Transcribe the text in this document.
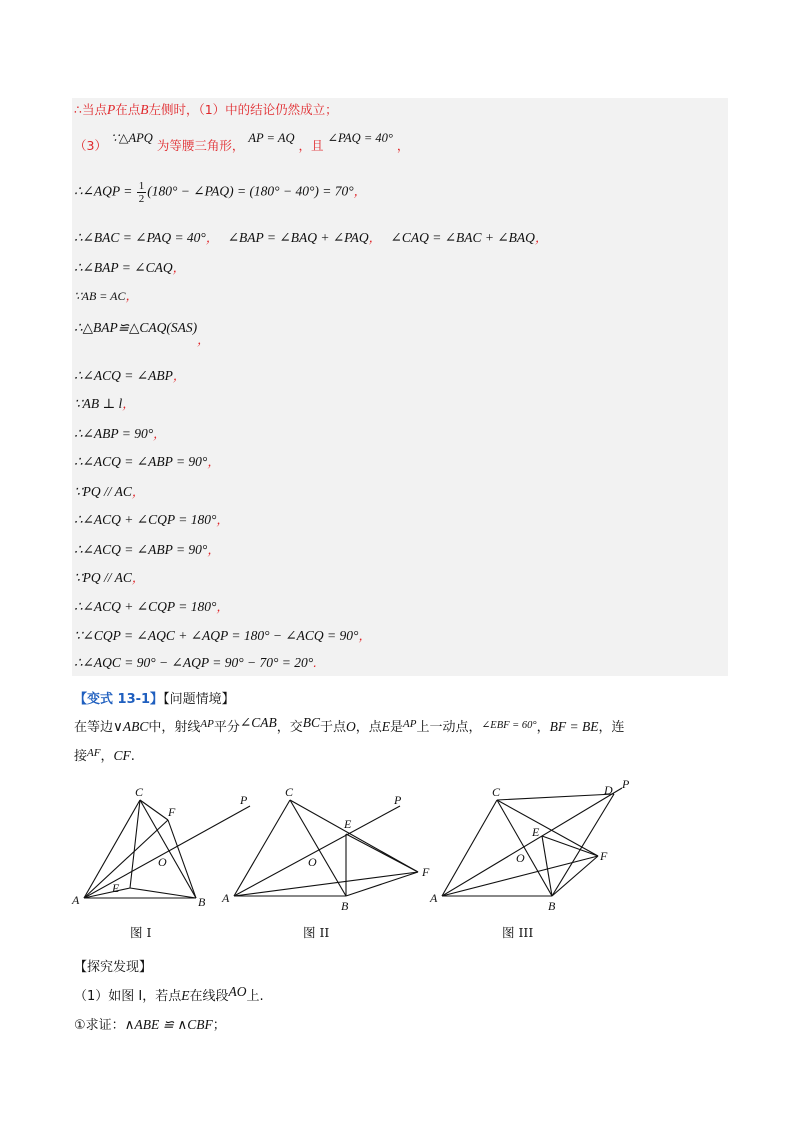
∴当点P在点B左侧时，（1）中的结论仍然成立；
（3） ∵△APQ 为等腰三角形， AP = AQ ，且 ∠PAQ = 40° ，
∴∠AQP = $\frac{1}{2} (180^\circ$ − ∠PAQ) = (180° − 40°) = 70°，
∴∠BAC = ∠PAQ = 40°， ∠BAP = ∠BAQ + ∠PAQ， ∠CAQ = ∠BAC + ∠BAQ，
∴∠BAP = ∠CAQ，
∵AB = AC，
∴△BAP≌△CAQ(SAS)，
∴∠ACQ = ∠ABP，
∵AB ⊥ l，
∴∠ABP = 90°，
∴∠ACQ = ∠ABP = 90°，
∵PQ // AC，
∴∠ACQ + ∠CQP = 180°，
∴∠ACQ = ∠ABP = 90°，
∵PQ // AC，
∴∠ACQ + ∠CQP = 180°，
∵∠CQP = ∠AQC + ∠AQP = 180° − ∠ACQ = 90°，
∴∠AQC = 90° − ∠AQP = 90° − 70° = 20°.
【变式 13-1】【问题情境】
在等边∨ABC中，射线$^{AP}$平分∠CAB，交BC于点O，点E是$^{AP}$上一动点，$^{\angle EBF = 60^\circ}$，BF = BE，连
接$^{AF}$，CF.
A	B
C
F
O
E
P
A
B
C
E
F
O
P
A
B
C	D
E
F
O
P
图 I	图 II	图 III
【探究发现】
（1）如图 I，若点E在线段AO上.
①求证：∧ABE ≌ ∧CBF；
